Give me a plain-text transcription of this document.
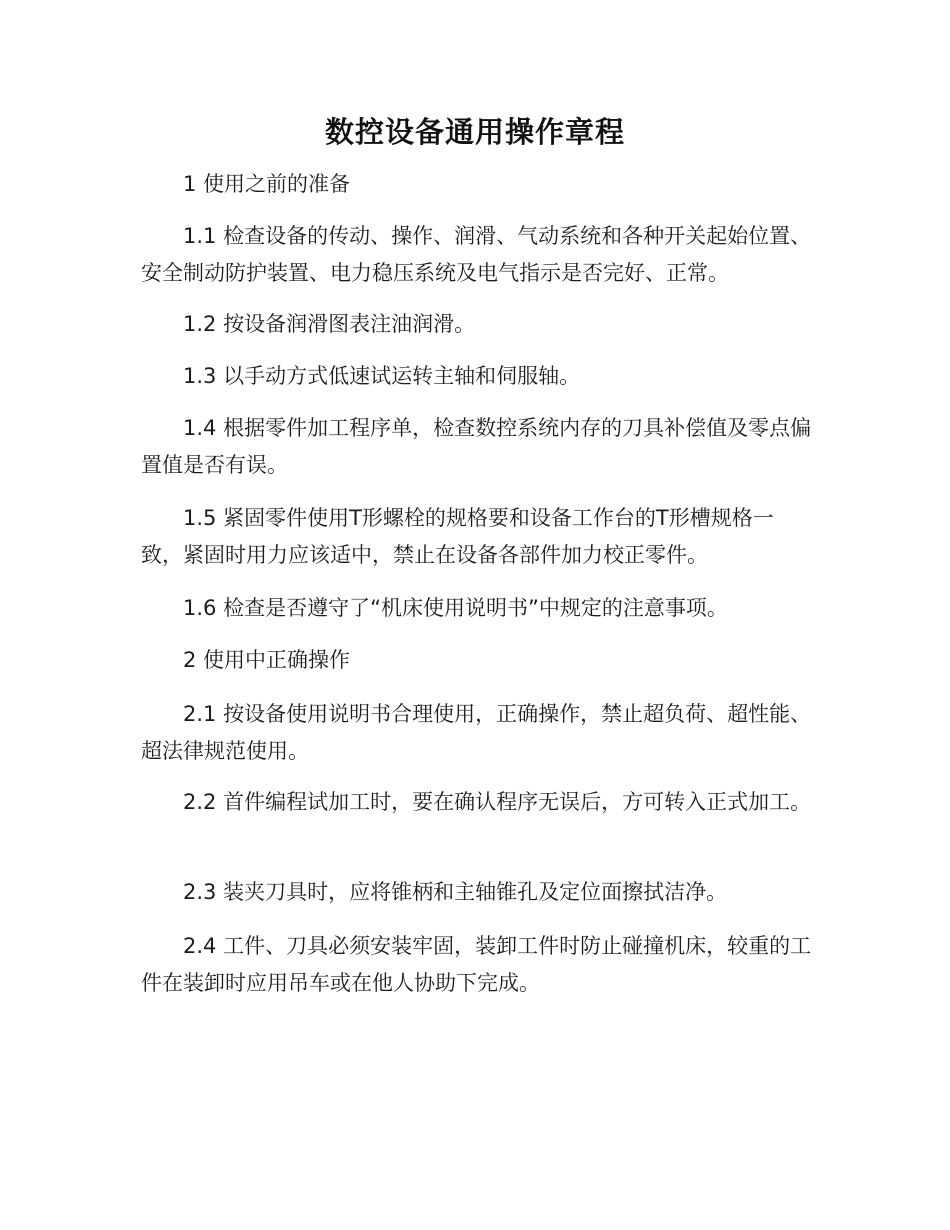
数控设备通用操作章程

1 使用之前的准备

1.1 检查设备的传动、操作、润滑、气动系统和各种开关起始位置、安全制动防护装置、电力稳压系统及电气指示是否完好、正常。

1.2 按设备润滑图表注油润滑。

1.3 以手动方式低速试运转主轴和伺服轴。

1.4 根据零件加工程序单，检查数控系统内存的刀具补偿值及零点偏置值是否有误。

1.5 紧固零件使用T形螺栓的规格要和设备工作台的T形槽规格一致，紧固时用力应该适中，禁止在设备各部件加力校正零件。

1.6 检查是否遵守了“机床使用说明书”中规定的注意事项。

2 使用中正确操作

2.1 按设备使用说明书合理使用，正确操作，禁止超负荷、超性能、超法律规范使用。

2.2 首件编程试加工时，要在确认程序无误后，方可转入正式加工。

2.3 装夹刀具时，应将锥柄和主轴锥孔及定位面擦拭洁净。

2.4 工件、刀具必须安装牢固，装卸工件时防止碰撞机床，较重的工件在装卸时应用吊车或在他人协助下完成。
